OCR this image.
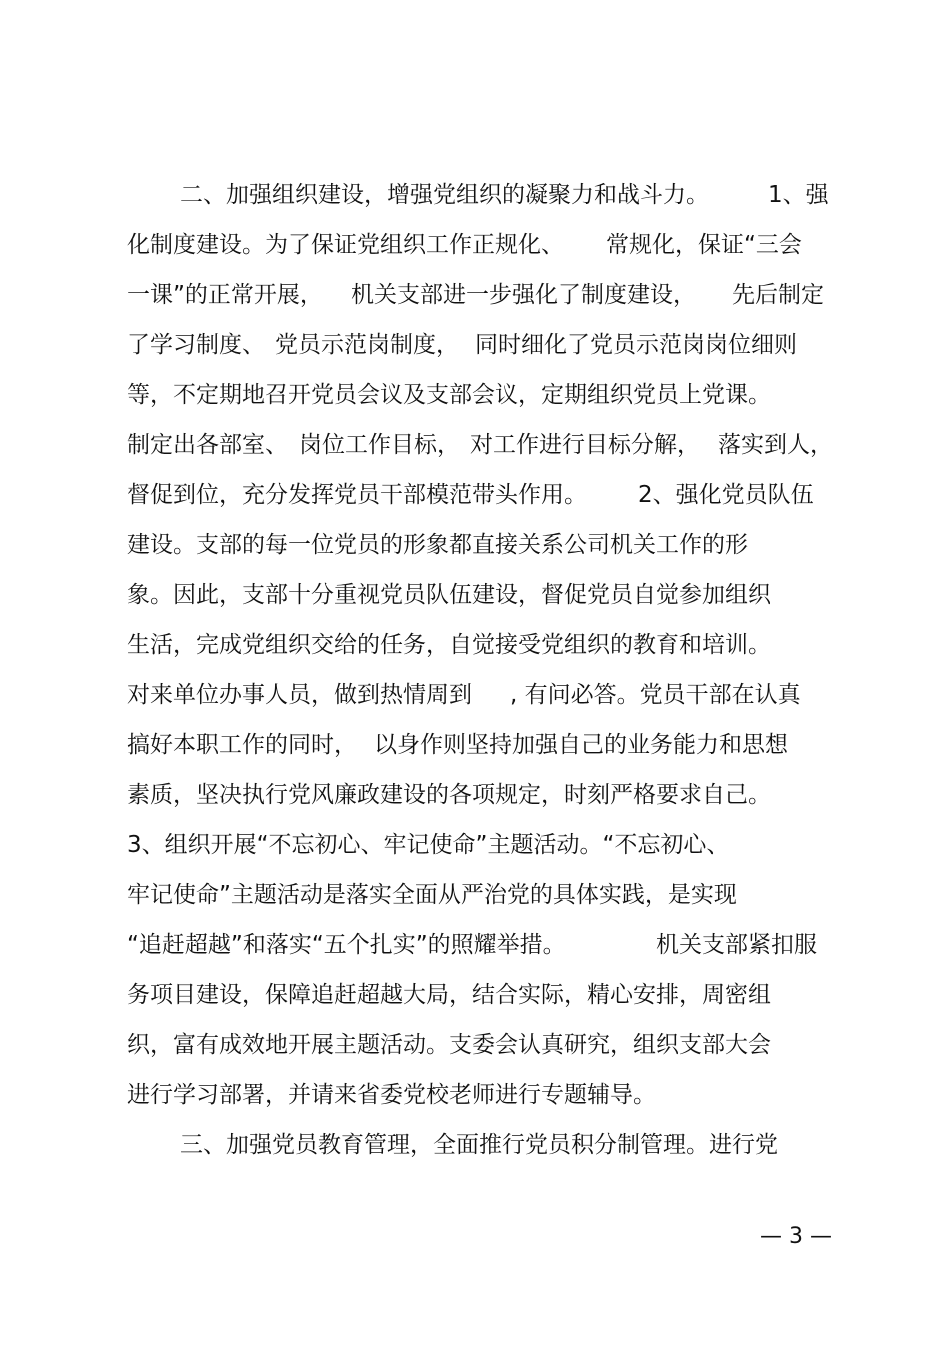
二、加强组织建设，增强党组织的凝聚力和战斗力。

	1、强

化制度建设。为了保证党组织工作正规化、

常规化，保证“三会

一课”的正常开展，

机关支部进一步强化了制度建设，

先后制定

了学习制度、

党员示范岗制度，

同时细化了党员示范岗岗位细则

等，不定期地召开党员会议及支部会议，定期组织党员上党课。

制定出各部室、

岗位工作目标，

对工作进行目标分解，

落实到人，

督促到位，充分发挥党员干部模范带头作用。

2、强化党员队伍

建设。支部的每一位党员的形象都直接关系公司机关工作的形

象。因此，支部十分重视党员队伍建设，督促党员自觉参加组织

生活，完成党组织交给的任务，自觉接受党组织的教育和培训。

对来单位办事人员，做到热情周到

, 有问必答。党员干部在认真

搞好本职工作的同时，

以身作则坚持加强自己的业务能力和思想

素质，坚决执行党风廉政建设的各项规定，时刻严格要求自己。

3、组织开展“不忘初心、牢记使命”主题活动。“不忘初心、

牢记使命”主题活动是落实全面从严治党的具体实践，是实现

“追赶超越”和落实“五个扎实”的照耀举措。

	机关支部紧扣服

务项目建设，保障追赶超越大局，结合实际，精心安排，周密组

织，富有成效地开展主题活动。支委会认真研究，组织支部大会

进行学习部署，并请来省委党校老师进行专题辅导。

三、加强党员教育管理，全面推行党员积分制管理。进行党

— 3 —
